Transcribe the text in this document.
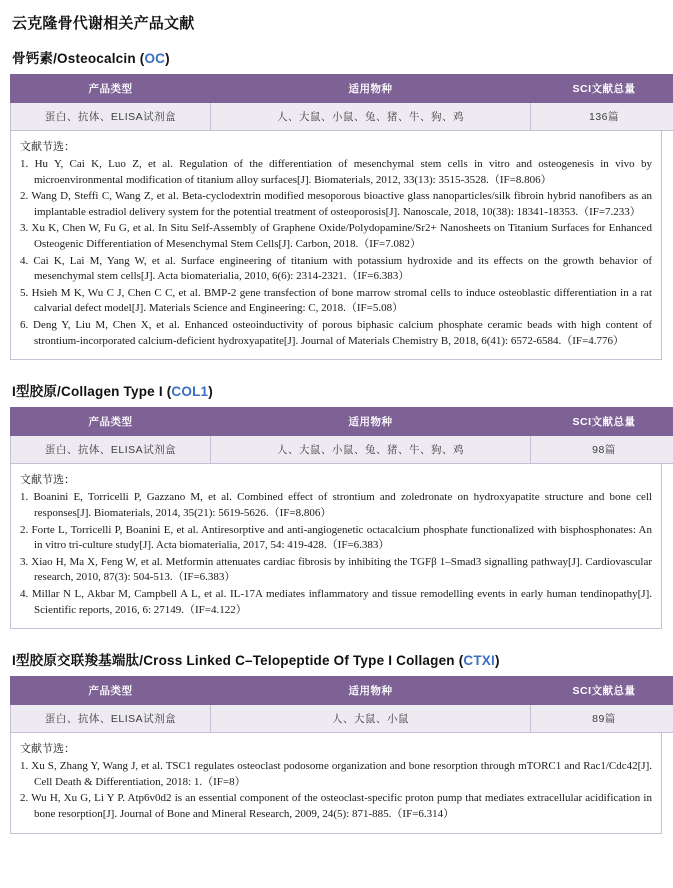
云克隆骨代谢相关产品文献
骨钙素/Osteocalcin (OC)
产品类型	适用物种	SCI文献总量
蛋白、抗体、ELISA试剂盒	人、大鼠、小鼠、兔、猪、牛、狗、鸡	136篇
文献节选：

1. Hu Y, Cai K, Luo Z, et al. Regulation of the differentiation of mesenchymal stem cells in vitro and osteogenesis in vivo by microenvironmental modification of titanium alloy surfaces[J]. Biomaterials, 2012, 33(13): 3515-3528.（IF=8.806）

2. Wang D, Steffi C, Wang Z, et al. Beta-cyclodextrin modified mesoporous bioactive glass nanoparticles/silk fibroin hybrid nanofibers as an implantable estradiol delivery system for the potential treatment of osteoporosis[J]. Nanoscale, 2018, 10(38): 18341-18353.（IF=7.233）

3. Xu K, Chen W, Fu G, et al. In Situ Self-Assembly of Graphene Oxide/Polydopamine/Sr2+ Nanosheets on Titanium Surfaces for Enhanced Osteogenic Differentiation of Mesenchymal Stem Cells[J]. Carbon, 2018.（IF=7.082）

4. Cai K, Lai M, Yang W, et al. Surface engineering of titanium with potassium hydroxide and its effects on the growth behavior of mesenchymal stem cells[J]. Acta biomaterialia, 2010, 6(6): 2314-2321.（IF=6.383）

5. Hsieh M K, Wu C J, Chen C C, et al. BMP-2 gene transfection of bone marrow stromal cells to induce osteoblastic differentiation in a rat calvarial defect model[J]. Materials Science and Engineering: C, 2018.（IF=5.08）

6. Deng Y, Liu M, Chen X, et al. Enhanced osteoinductivity of porous biphasic calcium phosphate ceramic beads with high content of strontium-incorporated calcium-deficient hydroxyapatite[J]. Journal of Materials Chemistry B, 2018, 6(41): 6572-6584.（IF=4.776）

I型胶原/Collagen Type I (COL1)
产品类型	适用物种	SCI文献总量
蛋白、抗体、ELISA试剂盒	人、大鼠、小鼠、兔、猪、牛、狗、鸡	98篇
文献节选：

1. Boanini E, Torricelli P, Gazzano M, et al. Combined effect of strontium and zoledronate on hydroxyapatite structure and bone cell responses[J]. Biomaterials, 2014, 35(21): 5619-5626.（IF=8.806）

2. Forte L, Torricelli P, Boanini E, et al. Antiresorptive and anti-angiogenetic octacalcium phosphate functionalized with bisphosphonates: An in vitro tri-culture study[J]. Acta biomaterialia, 2017, 54: 419-428.（IF=6.383）

3. Xiao H, Ma X, Feng W, et al. Metformin attenuates cardiac fibrosis by inhibiting the TGFβ 1–Smad3 signalling pathway[J]. Cardiovascular research, 2010, 87(3): 504-513.（IF=6.383）

4. Millar N L, Akbar M, Campbell A L, et al. IL-17A mediates inflammatory and tissue remodelling events in early human tendinopathy[J]. Scientific reports, 2016, 6: 27149.（IF=4.122）

I型胶原交联羧基端肽/Cross Linked C–Telopeptide Of Type I Collagen (CTXI)
产品类型	适用物种	SCI文献总量
蛋白、抗体、ELISA试剂盒	人、大鼠、小鼠	89篇
文献节选：

1. Xu S, Zhang Y, Wang J, et al. TSC1 regulates osteoclast podosome organization and bone resorption through mTORC1 and Rac1/Cdc42[J]. Cell Death & Differentiation, 2018: 1.（IF=8）

2. Wu H, Xu G, Li Y P. Atp6v0d2 is an essential component of the osteoclast-specific proton pump that mediates extracellular acidification in bone resorption[J]. Journal of Bone and Mineral Research, 2009, 24(5): 871-885.（IF=6.314）
